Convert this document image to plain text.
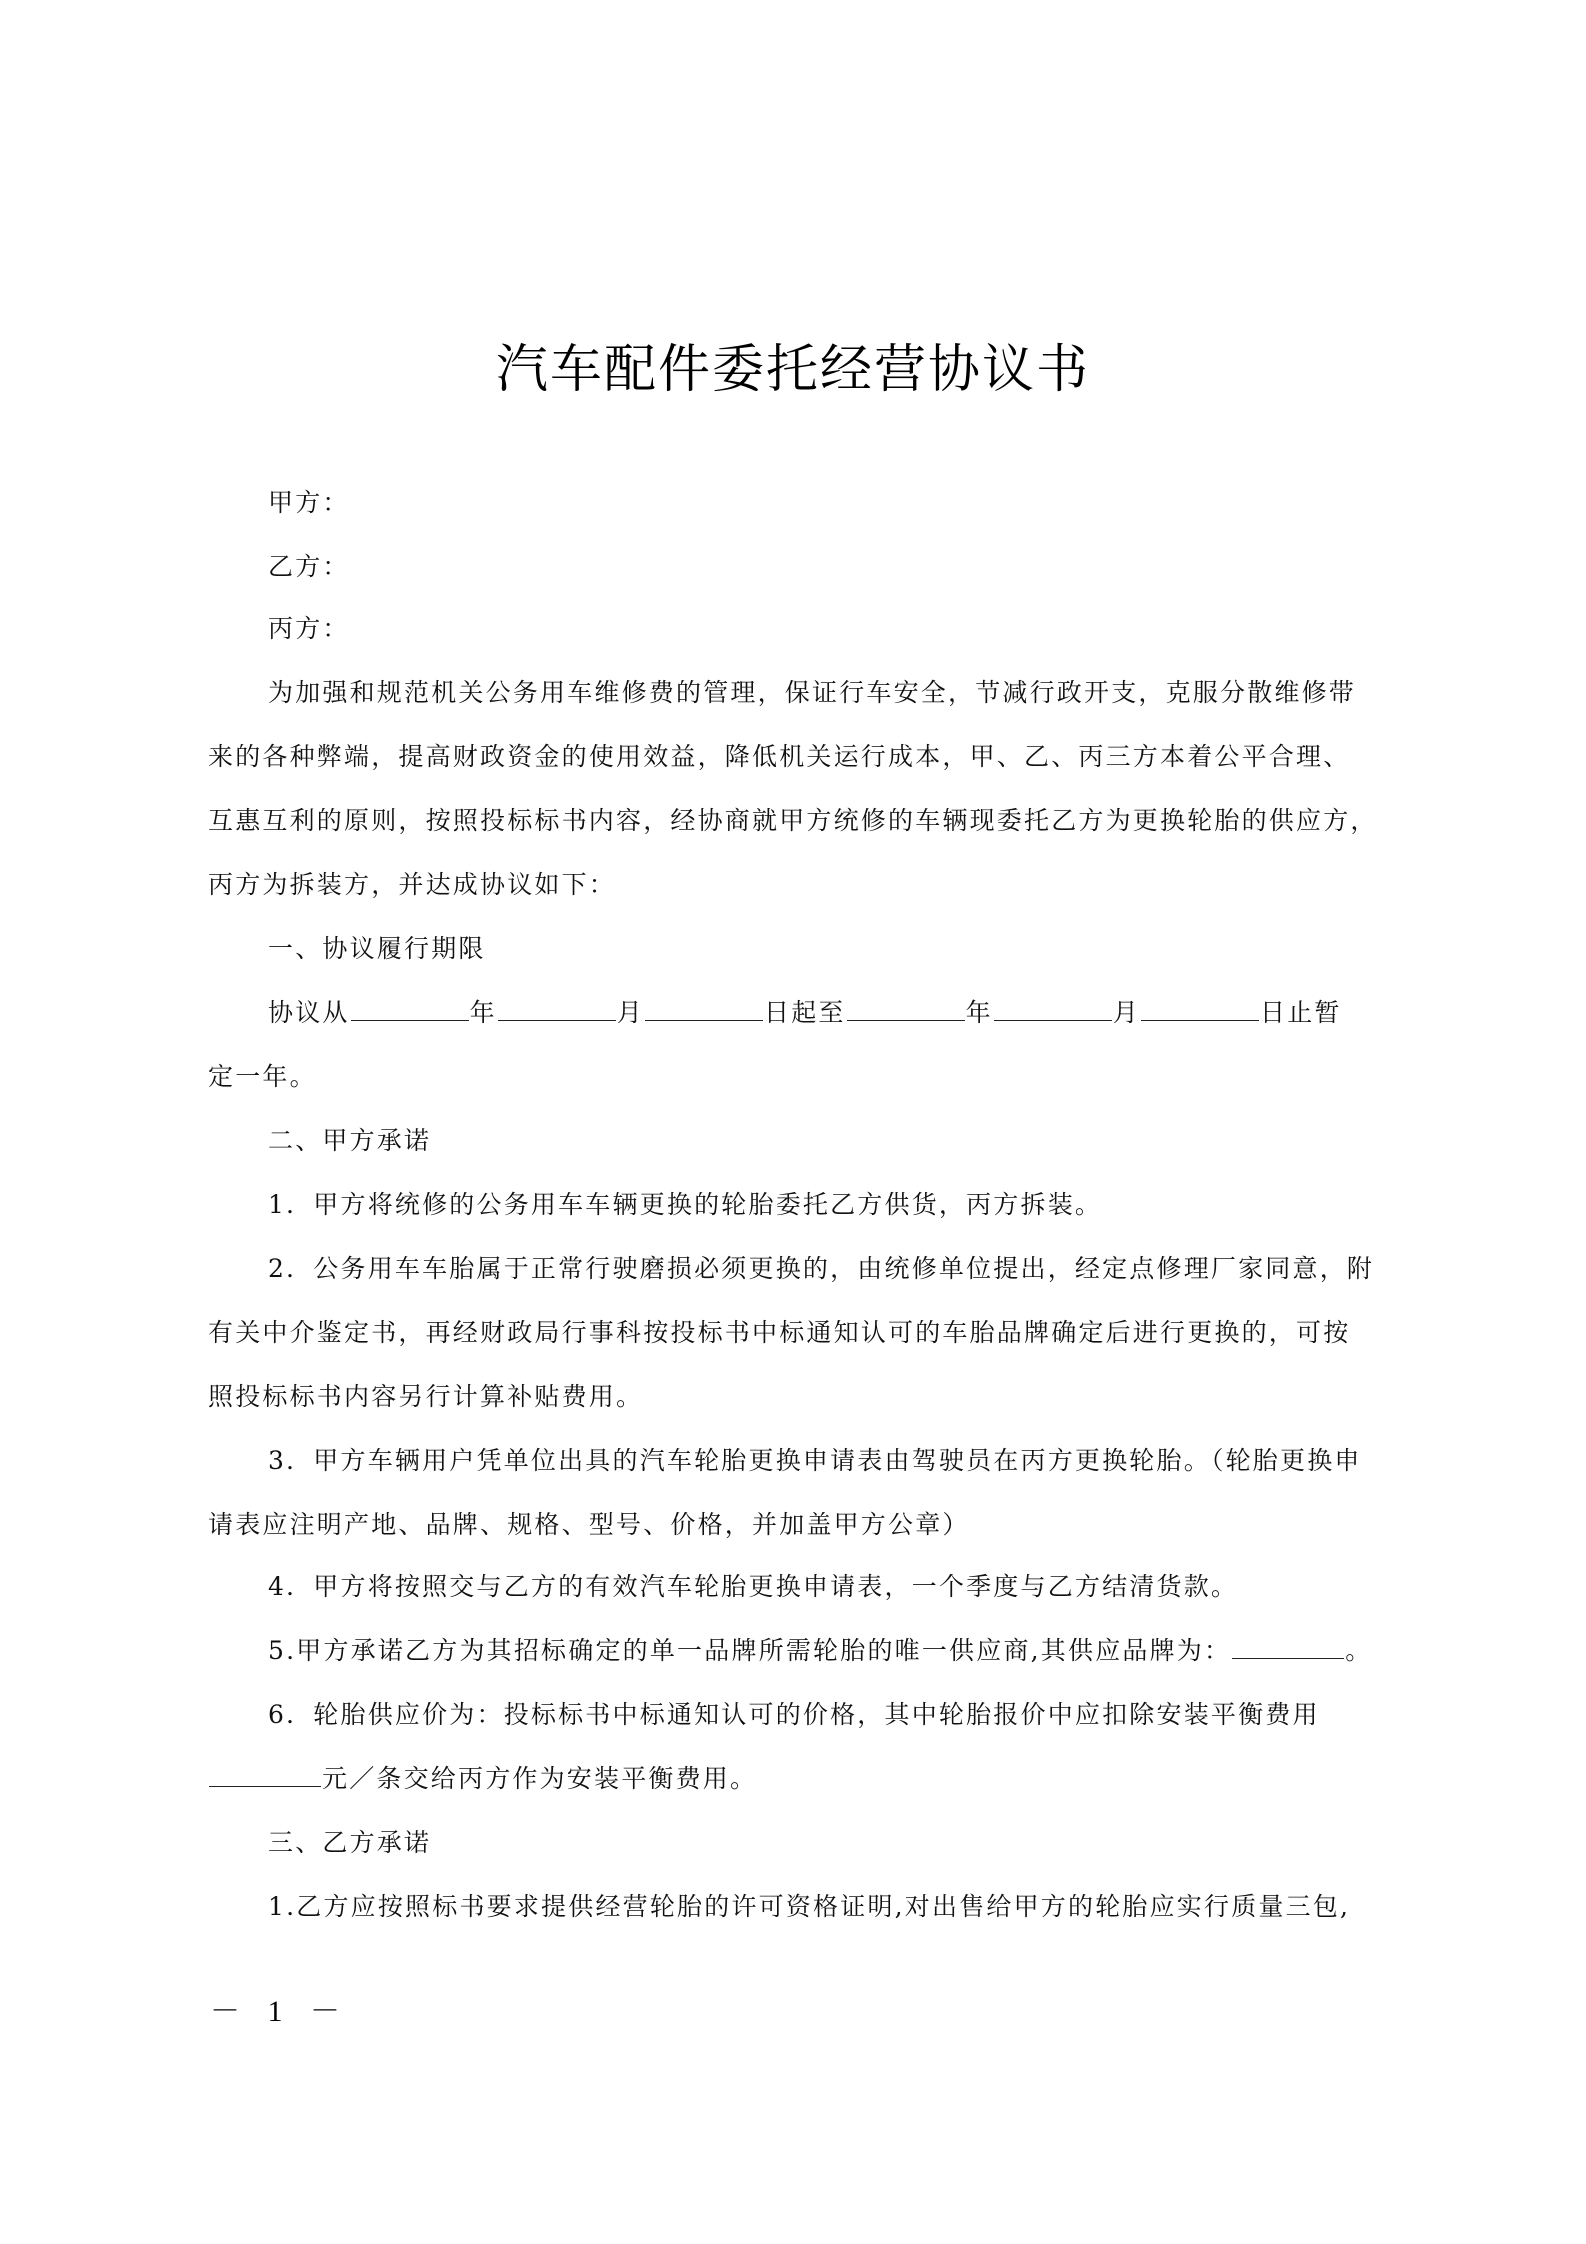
汽车配件委托经营协议书
甲方：
乙方：
丙方：
为加强和规范机关公务用车维修费的管理，保证行车安全，节减行政开支，克服分散维修带
来的各种弊端，提高财政资金的使用效益，降低机关运行成本，甲、乙、丙三方本着公平合理、
互惠互利的原则，按照投标标书内容，经协商就甲方统修的车辆现委托乙方为更换轮胎的供应方，
丙方为拆装方，并达成协议如下：
一、协议履行期限
协议从	年	月	日起至	年	月	日止暂
定一年。
二、甲方承诺
1．甲方将统修的公务用车车辆更换的轮胎委托乙方供货，丙方拆装。
2．公务用车车胎属于正常行驶磨损必须更换的，由统修单位提出，经定点修理厂家同意，附
有关中介鉴定书，再经财政局行事科按投标书中标通知认可的车胎品牌确定后进行更换的，可按
照投标标书内容另行计算补贴费用。
3．甲方车辆用户凭单位出具的汽车轮胎更换申请表由驾驶员在丙方更换轮胎。（轮胎更换申
请表应注明产地、品牌、规格、型号、价格，并加盖甲方公章）
4．甲方将按照交与乙方的有效汽车轮胎更换申请表，一个季度与乙方结清货款。
5.甲方承诺乙方为其招标确定的单一品牌所需轮胎的唯一供应商,其供应品牌为：	。
6．轮胎供应价为：投标标书中标通知认可的价格，其中轮胎报价中应扣除安装平衡费用
元／条交给丙方作为安装平衡费用。
三、乙方承诺
1.乙方应按照标书要求提供经营轮胎的许可资格证明,对出售给甲方的轮胎应实行质量三包,
－ 1 －
